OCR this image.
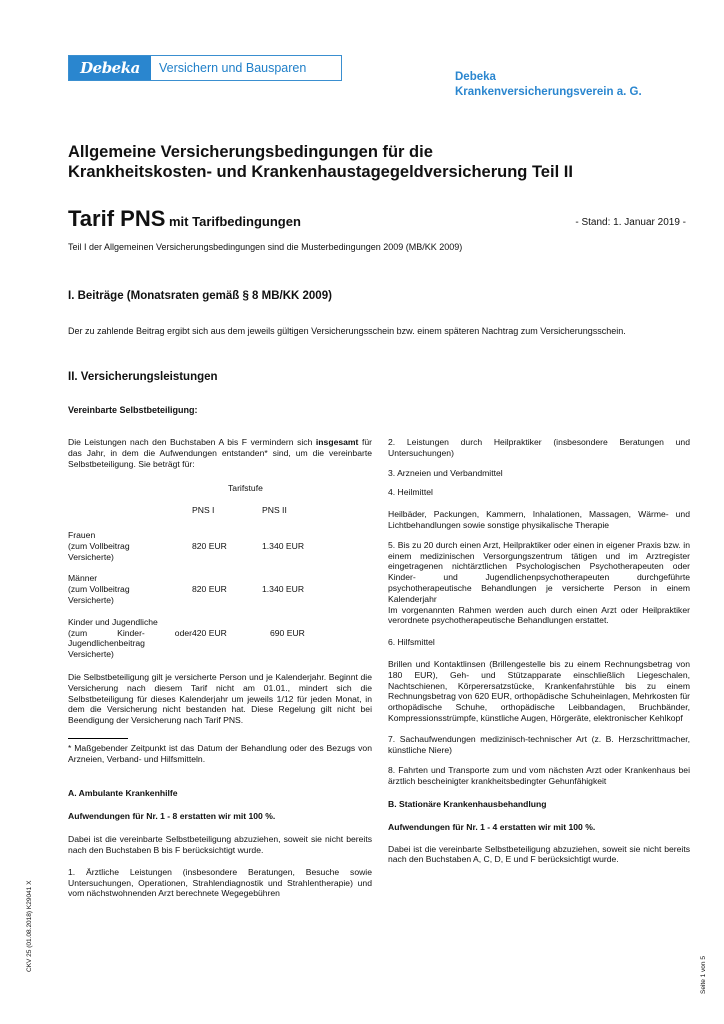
Debeka	Versichern und Bausparen
Debeka
Krankenversicherungsverein a. G.
Allgemeine Versicherungsbedingungen für die
Krankheitskosten- und Krankenhaustagegeldversicherung Teil II
Tarif PNS mit Tarifbedingungen	- Stand: 1. Januar 2019 -
Teil I der Allgemeinen Versicherungsbedingungen sind die Musterbedingungen 2009 (MB/KK 2009)
I. Beiträge (Monatsraten gemäß § 8 MB/KK 2009)
Der zu zahlende Beitrag ergibt sich aus dem jeweils gültigen Versicherungsschein bzw. einem späteren Nachtrag zum Versicherungsschein.
II. Versicherungsleistungen
Vereinbarte Selbstbeteiligung:
Die Leistungen nach den Buchstaben A bis F vermindern sich insgesamt für das Jahr, in dem die Aufwendungen entstanden* sind, um die vereinbarte Selbstbeteiligung. Sie beträgt für:
Tarifstufe
	PNS I	PNS II

Frauen
(zum Vollbeitrag
Versicherte)	820 EUR	1.340 EUR

Männer
(zum Vollbeitrag
Versicherte)	820 EUR	1.340 EUR

Kinder und Jugendliche
(zum Kinder- oder Jugendlichenbeitrag Versicherte)	420 EUR	690 EUR
Die Selbstbeteiligung gilt je versicherte Person und je Kalenderjahr. Beginnt die Versicherung nach diesem Tarif nicht am 01.01., mindert sich die Selbstbeteiligung für dieses Kalenderjahr um jeweils 1/12 für jeden Monat, in dem die Versicherung nicht bestanden hat. Diese Regelung gilt nicht bei Beendigung der Versicherung nach Tarif PNS.
* Maßgebender Zeitpunkt ist das Datum der Behandlung oder des Bezugs von Arzneien, Verband- und Hilfsmitteln.
A. Ambulante Krankenhilfe
Aufwendungen für Nr. 1 - 8 erstatten wir mit 100 %.
Dabei ist die vereinbarte Selbstbeteiligung abzuziehen, soweit sie nicht bereits nach den Buchstaben B bis F berücksichtigt wurde.
1. Ärztliche Leistungen (insbesondere Beratungen, Besuche sowie Untersuchungen, Operationen, Strahlendiagnostik und Strahlentherapie) und vom nächstwohnenden Arzt berechnete Wegegebühren
2. Leistungen durch Heilpraktiker (insbesondere Beratungen und Untersuchungen)
3. Arzneien und Verbandmittel
4. Heilmittel
Heilbäder, Packungen, Kammern, Inhalationen, Massagen, Wärme- und Lichtbehandlungen sowie sonstige physikalische Therapie
5. Bis zu 20 durch einen Arzt, Heilpraktiker oder einen in eigener Praxis bzw. in einem medizinischen Versorgungszentrum tätigen und im Arztregister eingetragenen nichtärztlichen Psychologischen Psychotherapeuten oder Kinder- und Jugendlichenpsychotherapeuten durchgeführte psychotherapeutische Behandlungen je versicherte Person in einem Kalenderjahr
Im vorgenannten Rahmen werden auch durch einen Arzt oder Heilpraktiker verordnete psychotherapeutische Behandlungen erstattet.
6. Hilfsmittel
Brillen und Kontaktlinsen (Brillengestelle bis zu einem Rechnungsbetrag von 180 EUR), Geh- und Stützapparate einschließlich Liegeschalen, Nachtschienen, Körperersatzstücke, Krankenfahrstühle bis zu einem Rechnungsbetrag von 620 EUR, orthopädische Schuheinlagen, Mehrkosten für orthopädische Schuhe, orthopädische Leibbandagen, Bruchbänder, Kompressionsstrümpfe, künstliche Augen, Hörgeräte, elektronischer Kehlkopf
7. Sachaufwendungen medizinisch-technischer Art (z. B. Herzschrittmacher, künstliche Niere)
8. Fahrten und Transporte zum und vom nächsten Arzt oder Krankenhaus bei ärztlich bescheinigter krankheitsbedingter Gehunfähigkeit
B. Stationäre Krankenhausbehandlung
Aufwendungen für Nr. 1 - 4 erstatten wir mit 100 %.
Dabei ist die vereinbarte Selbstbeteiligung abzuziehen, soweit sie nicht bereits nach den Buchstaben A, C, D, E und F berücksichtigt wurde.
CKV 25 (01.08.2018) K29041 X
Seite 1 von 5
